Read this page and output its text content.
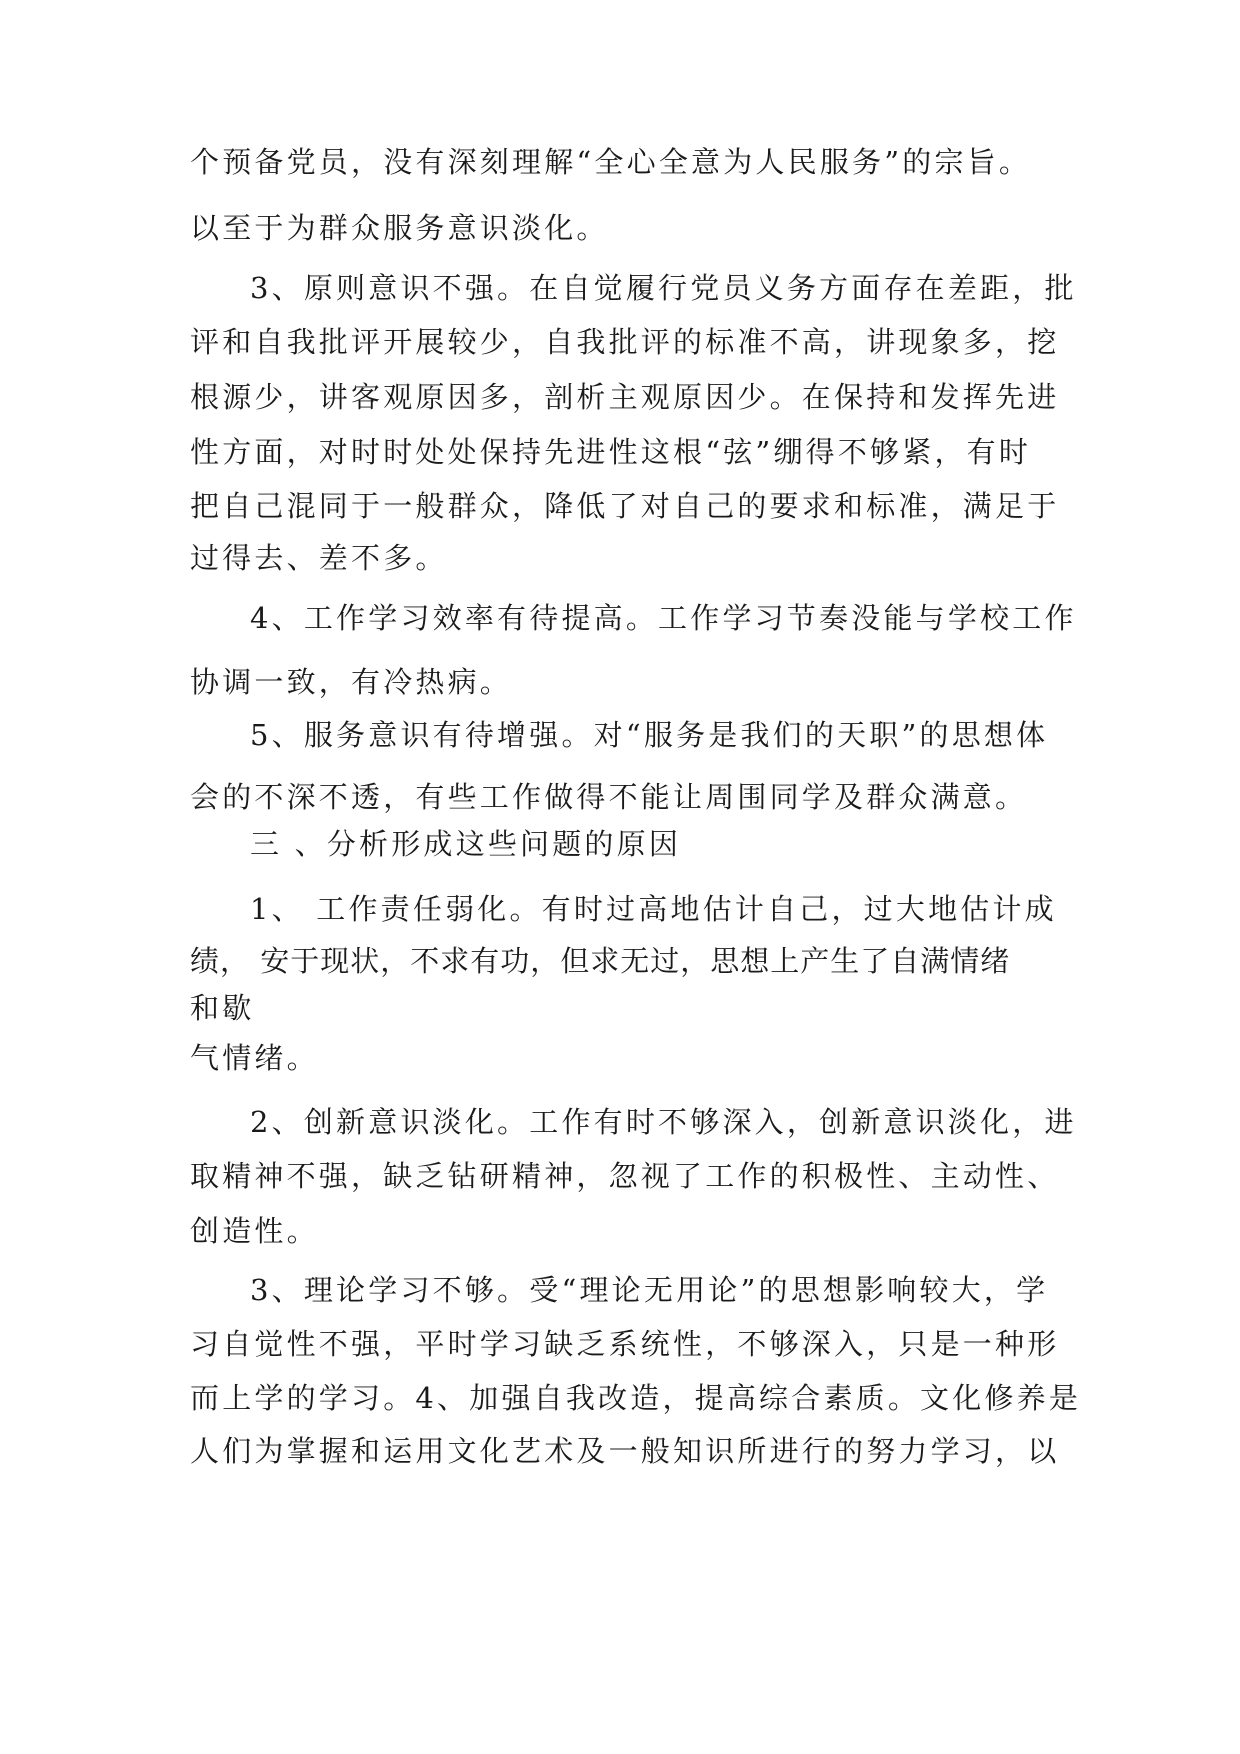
个预备党员，没有深刻理解“全心全意为人民服务”的宗旨。
以至于为群众服务意识淡化。
3、原则意识不强。在自觉履行党员义务方面存在差距，批
评和自我批评开展较少，自我批评的标准不高，讲现象多，挖
根源少，讲客观原因多，剖析主观原因少。在保持和发挥先进
性方面，对时时处处保持先进性这根“弦”绷得不够紧，有时
把自己混同于一般群众，降低了对自己的要求和标准，满足于
过得去、差不多。
4、工作学习效率有待提高。工作学习节奏没能与学校工作
协调一致，有冷热病。
5、服务意识有待增强。对“服务是我们的天职”的思想体
会的不深不透，有些工作做得不能让周围同学及群众满意。
三 、分析形成这些问题的原因
1、 工作责任弱化。有时过高地估计自己，过大地估计成
绩， 安于现状，不求有功，但求无过，思想上产生了自满情绪
和歇
气情绪。
2、创新意识淡化。工作有时不够深入，创新意识淡化，进
取精神不强，缺乏钻研精神，忽视了工作的积极性、主动性、
创造性。
3、理论学习不够。受“理论无用论”的思想影响较大，学
习自觉性不强，平时学习缺乏系统性，不够深入，只是一种形
而上学的学习。4、加强自我改造，提高综合素质。文化修养是
人们为掌握和运用文化艺术及一般知识所进行的努力学习，以
